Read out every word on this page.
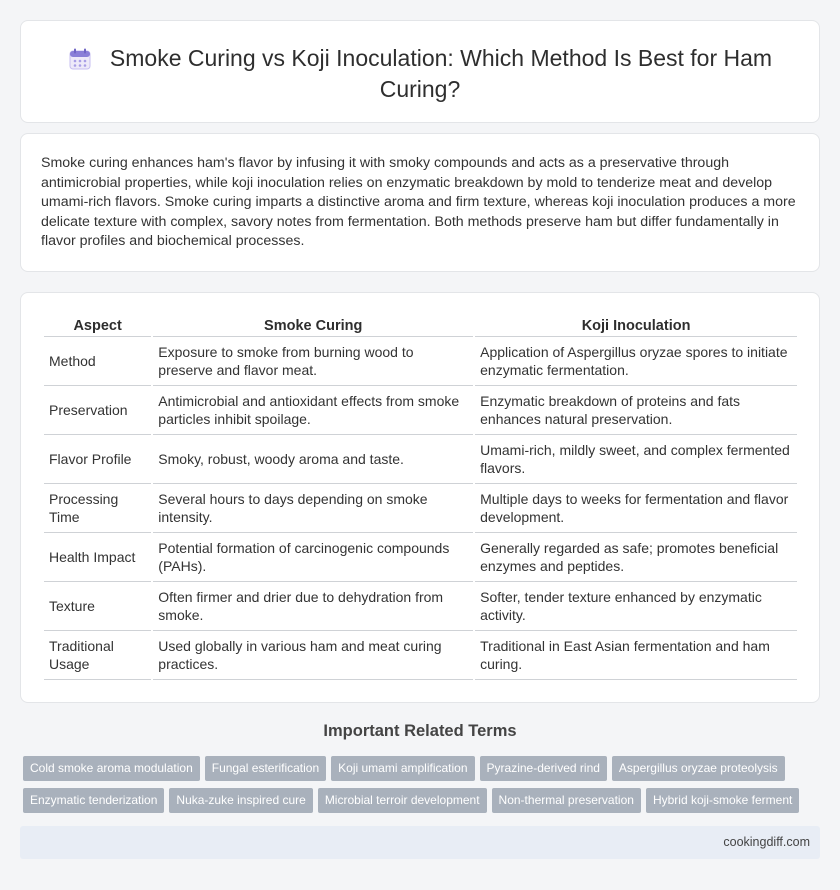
Smoke Curing vs Koji Inoculation: Which Method Is Best for Ham Curing?

Smoke curing enhances ham's flavor by infusing it with smoky compounds and acts as a preservative through antimicrobial properties, while koji inoculation relies on enzymatic breakdown by mold to tenderize meat and develop umami-rich flavors. Smoke curing imparts a distinctive aroma and firm texture, whereas koji inoculation produces a more delicate texture with complex, savory notes from fermentation. Both methods preserve ham but differ fundamentally in flavor profiles and biochemical processes.

Aspect	Smoke Curing	Koji Inoculation
Method	Exposure to smoke from burning wood to preserve and flavor meat.	Application of Aspergillus oryzae spores to initiate enzymatic fermentation.
Preservation	Antimicrobial and antioxidant effects from smoke particles inhibit spoilage.	Enzymatic breakdown of proteins and fats enhances natural preservation.
Flavor Profile	Smoky, robust, woody aroma and taste.	Umami-rich, mildly sweet, and complex fermented flavors.
Processing Time	Several hours to days depending on smoke intensity.	Multiple days to weeks for fermentation and flavor development.
Health Impact	Potential formation of carcinogenic compounds (PAHs).	Generally regarded as safe; promotes beneficial enzymes and peptides.
Texture	Often firmer and drier due to dehydration from smoke.	Softer, tender texture enhanced by enzymatic activity.
Traditional Usage	Used globally in various ham and meat curing practices.	Traditional in East Asian fermentation and ham curing.
Important Related Terms
Cold smoke aroma modulation Fungal esterification Koji umami amplification Pyrazine-derived rind Aspergillus oryzae proteolysis
Enzymatic tenderization Nuka-zuke inspired cure Microbial terroir development Non-thermal preservation Hybrid koji-smoke ferment
cookingdiff.com
